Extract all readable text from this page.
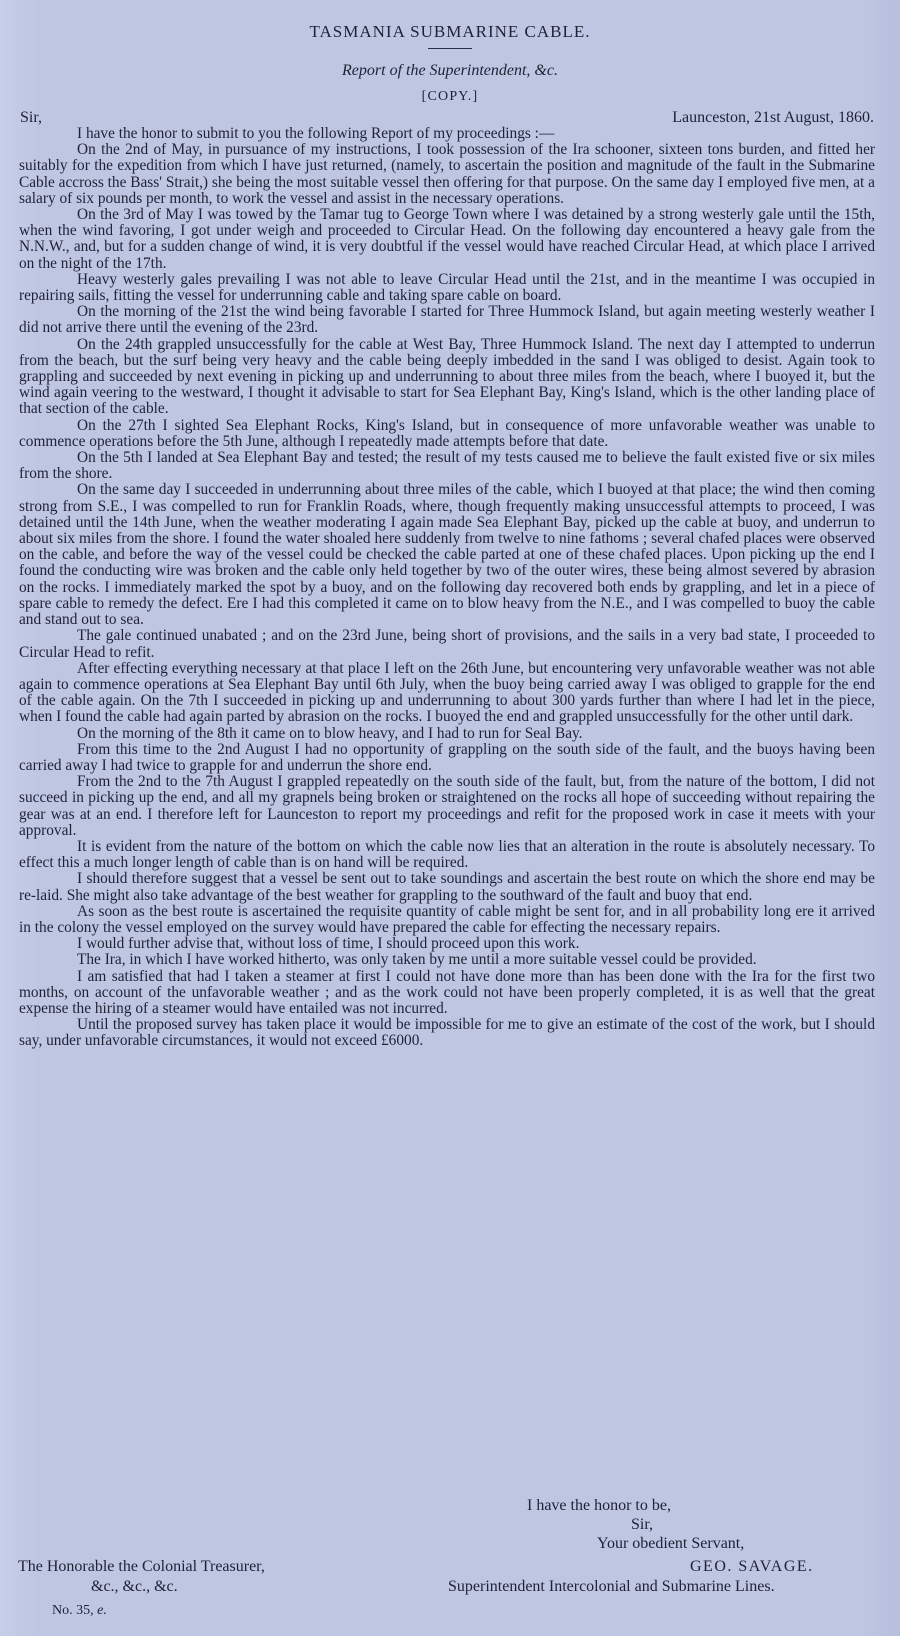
TASMANIA SUBMARINE CABLE.
Report of the Superintendent, &c.
[COPY.]
Sir,	Launceston, 21st August, 1860.

I have the honor to submit to you the following Report of my proceedings :—

On the 2nd of May, in pursuance of my instructions, I took possession of the Ira schooner, sixteen tons burden, and fitted her suitably for the expedition from which I have just returned, (namely, to ascertain the position and magnitude of the fault in the Submarine Cable accross the Bass' Strait,) she being the most suitable vessel then offering for that purpose. On the same day I employed five men, at a salary of six pounds per month, to work the vessel and assist in the necessary operations.

On the 3rd of May I was towed by the Tamar tug to George Town where I was detained by a strong westerly gale until the 15th, when the wind favoring, I got under weigh and proceeded to Circular Head. On the following day encountered a heavy gale from the N.N.W., and, but for a sudden change of wind, it is very doubtful if the vessel would have reached Circular Head, at which place I arrived on the night of the 17th.

Heavy westerly gales prevailing I was not able to leave Circular Head until the 21st, and in the meantime I was occupied in repairing sails, fitting the vessel for underrunning cable and taking spare cable on board.

On the morning of the 21st the wind being favorable I started for Three Hummock Island, but again meeting westerly weather I did not arrive there until the evening of the 23rd.

On the 24th grappled unsuccessfully for the cable at West Bay, Three Hummock Island. The next day I attempted to underrun from the beach, but the surf being very heavy and the cable being deeply imbedded in the sand I was obliged to desist. Again took to grappling and succeeded by next evening in picking up and underrunning to about three miles from the beach, where I buoyed it, but the wind again veering to the westward, I thought it advisable to start for Sea Elephant Bay, King's Island, which is the other landing place of that section of the cable.

On the 27th I sighted Sea Elephant Rocks, King's Island, but in consequence of more unfavorable weather was unable to commence operations before the 5th June, although I repeatedly made attempts before that date.

On the 5th I landed at Sea Elephant Bay and tested; the result of my tests caused me to believe the fault existed five or six miles from the shore.

On the same day I succeeded in underrunning about three miles of the cable, which I buoyed at that place; the wind then coming strong from S.E., I was compelled to run for Franklin Roads, where, though frequently making unsuccessful attempts to proceed, I was detained until the 14th June, when the weather moderating I again made Sea Elephant Bay, picked up the cable at buoy, and underrun to about six miles from the shore. I found the water shoaled here suddenly from twelve to nine fathoms ; several chafed places were observed on the cable, and before the way of the vessel could be checked the cable parted at one of these chafed places. Upon picking up the end I found the conducting wire was broken and the cable only held together by two of the outer wires, these being almost severed by abrasion on the rocks. I immediately marked the spot by a buoy, and on the following day recovered both ends by grappling, and let in a piece of spare cable to remedy the defect. Ere I had this completed it came on to blow heavy from the N.E., and I was compelled to buoy the cable and stand out to sea.

The gale continued unabated ; and on the 23rd June, being short of provisions, and the sails in a very bad state, I proceeded to Circular Head to refit.

After effecting everything necessary at that place I left on the 26th June, but encountering very unfavorable weather was not able again to commence operations at Sea Elephant Bay until 6th July, when the buoy being carried away I was obliged to grapple for the end of the cable again. On the 7th I succeeded in picking up and underrunning to about 300 yards further than where I had let in the piece, when I found the cable had again parted by abrasion on the rocks. I buoyed the end and grappled unsuccessfully for the other until dark.

On the morning of the 8th it came on to blow heavy, and I had to run for Seal Bay.

From this time to the 2nd August I had no opportunity of grappling on the south side of the fault, and the buoys having been carried away I had twice to grapple for and underrun the shore end.

From the 2nd to the 7th August I grappled repeatedly on the south side of the fault, but, from the nature of the bottom, I did not succeed in picking up the end, and all my grapnels being broken or straightened on the rocks all hope of succeeding without repairing the gear was at an end. I therefore left for Launceston to report my proceedings and refit for the proposed work in case it meets with your approval.

It is evident from the nature of the bottom on which the cable now lies that an alteration in the route is absolutely necessary. To effect this a much longer length of cable than is on hand will be required.

I should therefore suggest that a vessel be sent out to take soundings and ascertain the best route on which the shore end may be re-laid. She might also take advantage of the best weather for grappling to the southward of the fault and buoy that end.

As soon as the best route is ascertained the requisite quantity of cable might be sent for, and in all probability long ere it arrived in the colony the vessel employed on the survey would have prepared the cable for effecting the necessary repairs.

I would further advise that, without loss of time, I should proceed upon this work.

The Ira, in which I have worked hitherto, was only taken by me until a more suitable vessel could be provided.

I am satisfied that had I taken a steamer at first I could not have done more than has been done with the Ira for the first two months, on account of the unfavorable weather ; and as the work could not have been properly completed, it is as well that the great expense the hiring of a steamer would have entailed was not incurred.

Until the proposed survey has taken place it would be impossible for me to give an estimate of the cost of the work, but I should say, under unfavorable circumstances, it would not exceed £6000.

I have the honor to be,
Sir,
Your obedient Servant,
The Honorable the Colonial Treasurer,
&c., &c., &c.
GEO. SAVAGE.
Superintendent Intercolonial and Submarine Lines.
No. 35, e.
